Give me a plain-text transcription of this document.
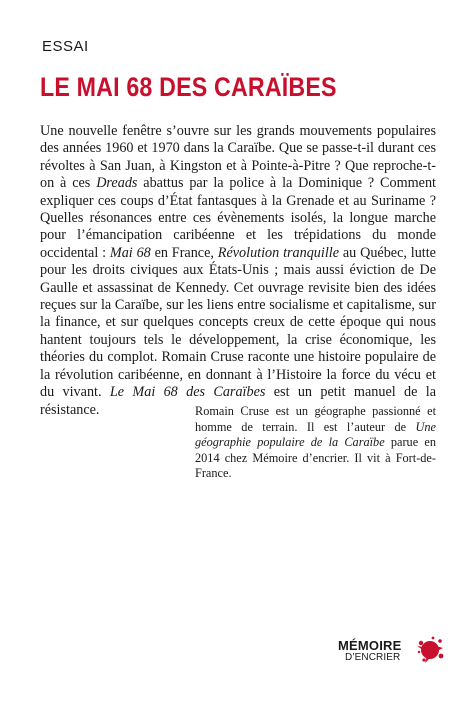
ESSAI
LE MAI 68 DES CARAÏBES

Une nouvelle fenêtre s’ouvre sur les grands mouvements populaires des années 1960 et 1970 dans la Caraïbe. Que se passe-t-il durant ces révoltes à San Juan, à Kingston et à Pointe-à-Pitre ? Que reproche-t-on à ces Dreads abattus par la police à la Dominique ? Comment expliquer ces coups d’État fantasques à la Grenade et au Suriname ? Quelles résonances entre ces évènements isolés, la longue marche pour l’émancipation caribéenne et les trépidations du monde occidental : Mai 68 en France, Révolution tranquille au Québec, lutte pour les droits civiques aux États-Unis ; mais aussi éviction de De Gaulle et assassinat de Kennedy. Cet ouvrage revisite bien des idées reçues sur la Caraïbe, sur les liens entre socialisme et capitalisme, sur la finance, et sur quelques concepts creux de cette époque qui nous hantent toujours tels le développement, la crise économique, les théories du complot. Romain Cruse raconte une histoire populaire de la révolution caribéenne, en donnant à l’Histoire la force du vécu et du vivant. Le Mai 68 des Caraïbes est un petit manuel de la résistance.	Romain Cruse est un géographe passionné et homme de terrain. Il est l’auteur de Une géographie populaire de la Caraïbe parue en 2014 chez Mémoire d’encrier. Il vit à Fort-de-France.

MÉMOIRE
D’ENCRIER
